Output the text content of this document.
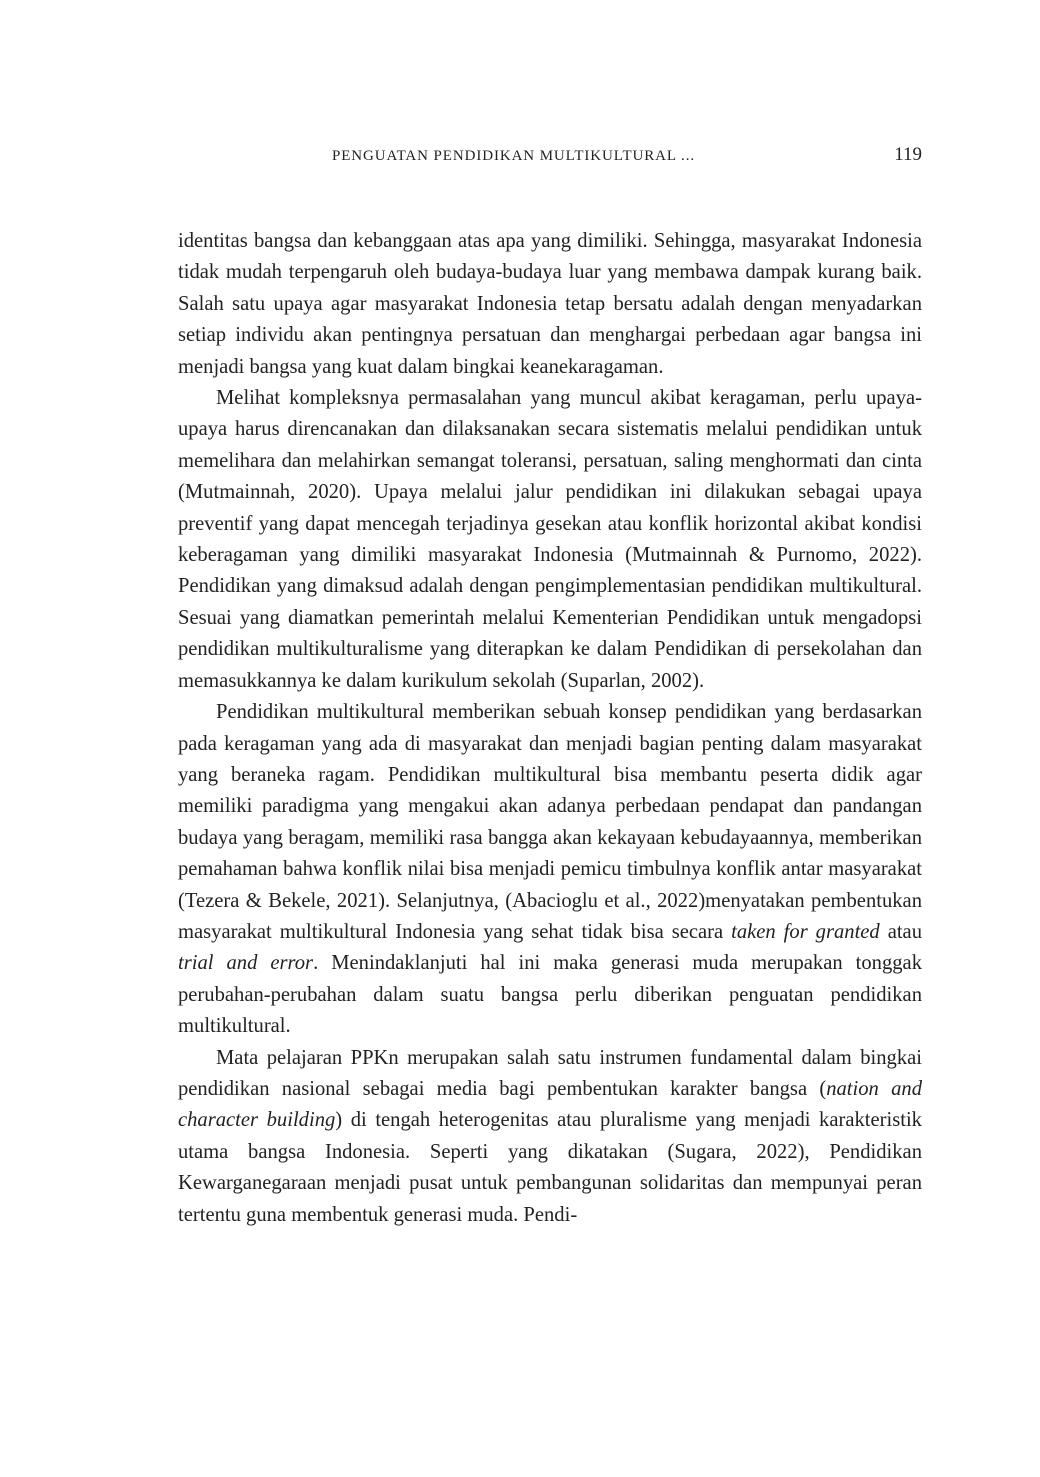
PENGUATAN PENDIDIKAN MULTIKULTURAL ...	119

identitas bangsa dan kebanggaan atas apa yang dimiliki. Sehingga, masyarakat Indonesia tidak mudah terpengaruh oleh budaya-budaya luar yang membawa dampak kurang baik. Salah satu upaya agar masyarakat Indonesia tetap bersatu adalah dengan menyadarkan setiap individu akan pentingnya persatuan dan menghargai perbedaan agar bangsa ini menjadi bangsa yang kuat dalam bingkai keanekaragaman.

Melihat kompleksnya permasalahan yang muncul akibat keragaman, perlu upaya-upaya harus direncanakan dan dilaksanakan secara sistematis melalui pendidikan untuk memelihara dan melahirkan semangat toleransi, persatuan, saling menghormati dan cinta (Mutmainnah, 2020). Upaya melalui jalur pendidikan ini dilakukan sebagai upaya preventif yang dapat mencegah terjadinya gesekan atau konflik horizontal akibat kondisi keberagaman yang dimiliki masyarakat Indonesia (Mutmainnah & Purnomo, 2022). Pendidikan yang dimaksud adalah dengan pengimplementasian pendidikan multikultural. Sesuai yang diamatkan pemerintah melalui Kementerian Pendidikan untuk mengadopsi pendidikan multikulturalisme yang diterapkan ke dalam Pendidikan di persekolahan dan memasukkannya ke dalam kurikulum sekolah (Suparlan, 2002).

Pendidikan multikultural memberikan sebuah konsep pendidikan yang berdasarkan pada keragaman yang ada di masyarakat dan menjadi bagian penting dalam masyarakat yang beraneka ragam. Pendidikan multikultural bisa membantu peserta didik agar memiliki paradigma yang mengakui akan adanya perbedaan pendapat dan pandangan budaya yang beragam, memiliki rasa bangga akan kekayaan kebudayaannya, memberikan pemahaman bahwa konflik nilai bisa menjadi pemicu timbulnya konflik antar masyarakat (Tezera & Bekele, 2021). Selanjutnya, (Abacioglu et al., 2022)menyatakan pembentukan masyarakat multikultural Indonesia yang sehat tidak bisa secara taken for granted atau trial and error. Menindaklanjuti hal ini maka generasi muda merupakan tonggak perubahan-perubahan dalam suatu bangsa perlu diberikan penguatan pendidikan multikultural.

Mata pelajaran PPKn merupakan salah satu instrumen fundamental dalam bingkai pendidikan nasional sebagai media bagi pembentukan karakter bangsa (nation and character building) di tengah heterogenitas atau pluralisme yang menjadi karakteristik utama bangsa Indonesia. Seperti yang dikatakan (Sugara, 2022), Pendidikan Kewarganegaraan menjadi pusat untuk pembangunan solidaritas dan mempunyai peran tertentu guna membentuk generasi muda. Pendi-
